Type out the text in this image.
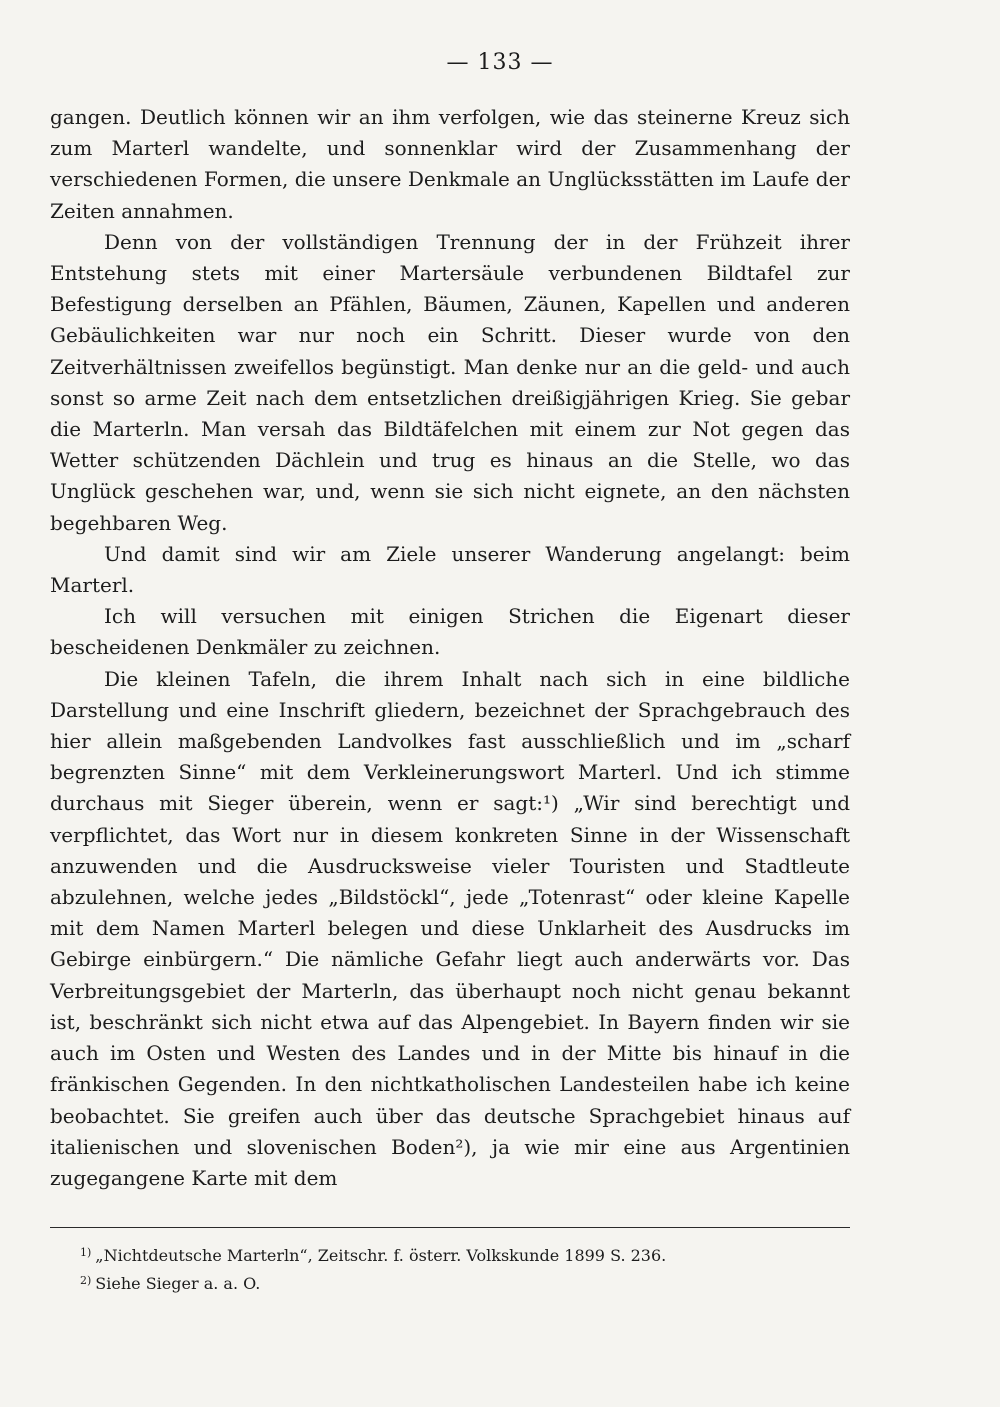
— 133 —

gangen. Deutlich können wir an ihm verfolgen, wie das steinerne Kreuz sich zum Marterl wandelte, und sonnenklar wird der Zusammenhang der verschiedenen Formen, die unsere Denkmale an Unglücksstätten im Laufe der Zeiten annahmen.

Denn von der vollständigen Trennung der in der Frühzeit ihrer Entstehung stets mit einer Martersäule verbundenen Bildtafel zur Befestigung derselben an Pfählen, Bäumen, Zäunen, Kapellen und anderen Gebäulichkeiten war nur noch ein Schritt. Dieser wurde von den Zeitverhältnissen zweifellos begünstigt. Man denke nur an die geld- und auch sonst so arme Zeit nach dem entsetzlichen dreißigjährigen Krieg. Sie gebar die Marterln. Man versah das Bildtäfelchen mit einem zur Not gegen das Wetter schützenden Dächlein und trug es hinaus an die Stelle, wo das Unglück geschehen war, und, wenn sie sich nicht eignete, an den nächsten begehbaren Weg.

Und damit sind wir am Ziele unserer Wanderung angelangt: beim Marterl.

Ich will versuchen mit einigen Strichen die Eigenart dieser bescheidenen Denkmäler zu zeichnen.

Die kleinen Tafeln, die ihrem Inhalt nach sich in eine bildliche Darstellung und eine Inschrift gliedern, bezeichnet der Sprachgebrauch des hier allein maßgebenden Landvolkes fast ausschließlich und im „scharf begrenzten Sinne“ mit dem Verkleinerungswort Marterl. Und ich stimme durchaus mit Sieger überein, wenn er sagt:¹) „Wir sind berechtigt und verpflichtet, das Wort nur in diesem konkreten Sinne in der Wissenschaft anzuwenden und die Ausdrucksweise vieler Touristen und Stadtleute abzulehnen, welche jedes „Bildstöckl“, jede „Totenrast“ oder kleine Kapelle mit dem Namen Marterl belegen und diese Unklarheit des Ausdrucks im Gebirge einbürgern.“ Die nämliche Gefahr liegt auch anderwärts vor. Das Verbreitungsgebiet der Marterln, das überhaupt noch nicht genau bekannt ist, beschränkt sich nicht etwa auf das Alpengebiet. In Bayern finden wir sie auch im Osten und Westen des Landes und in der Mitte bis hinauf in die fränkischen Gegenden. In den nichtkatholischen Landesteilen habe ich keine beobachtet. Sie greifen auch über das deutsche Sprachgebiet hinaus auf italienischen und slovenischen Boden²), ja wie mir eine aus Argentinien zugegangene Karte mit dem

$^{1)}$ „Nichtdeutsche Marterln“, Zeitschr. f. österr. Volkskunde 1899 S. 236.

$^{2)}$ Siehe Sieger a. a. O.
